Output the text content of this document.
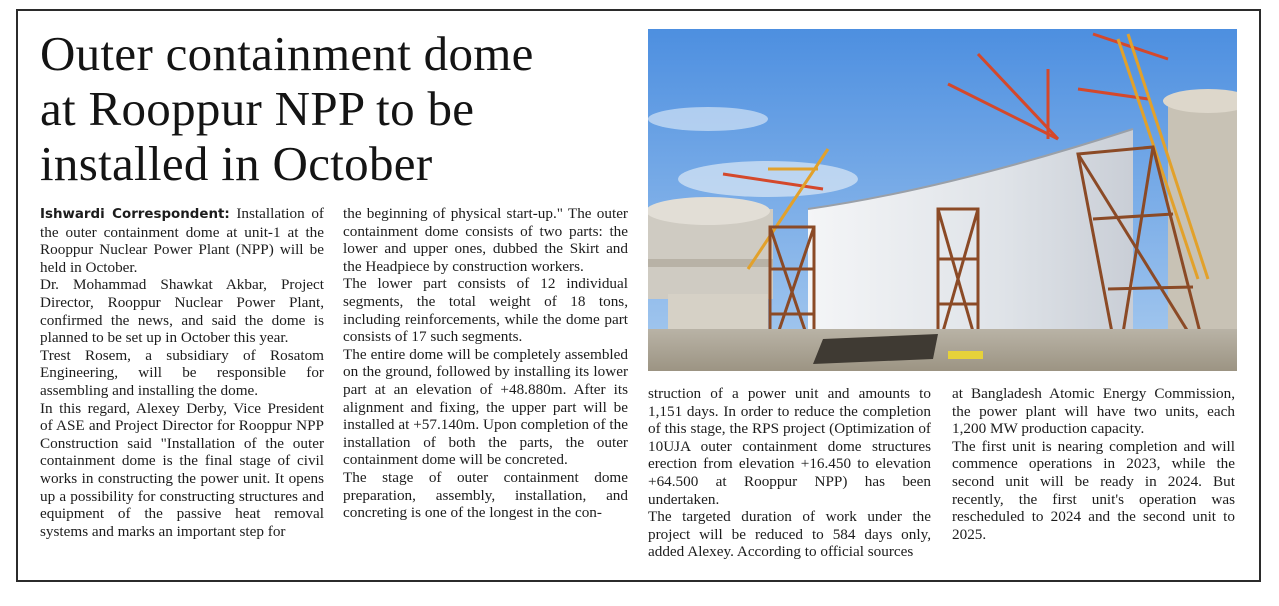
Outer containment dome
at Rooppur NPP to be
installed in October

Ishwardi Correspondent: Installation of the outer containment dome at unit-1 at the Rooppur Nuclear Power Plant (NPP) will be held in October.

Dr. Mohammad Shawkat Akbar, Project Director, Rooppur Nuclear Power Plant, confirmed the news, and said the dome is planned to be set up in October this year.

Trest Rosem, a subsidiary of Rosatom Engineering, will be responsible for assembling and installing the dome.

In this regard, Alexey Derby, Vice President of ASE and Project Director for Rooppur NPP Construction said "Installation of the outer containment dome is the final stage of civil works in constructing the power unit. It opens up a possibility for constructing structures and equipment of the passive heat removal systems and marks an important step for

the beginning of physical start-up." The outer containment dome consists of two parts: the lower and upper ones, dubbed the Skirt and the Headpiece by construction workers.

The lower part consists of 12 individual segments, the total weight of 18 tons, including reinforcements, while the dome part consists of 17 such segments.

The entire dome will be completely assembled on the ground, followed by installing its lower part at an elevation of +48.880m. After its alignment and fixing, the upper part will be installed at +57.140m. Upon completion of the installation of both the parts, the outer containment dome will be concreted.

The stage of outer containment dome preparation, assembly, installation, and concreting is one of the longest in the con-

struction of a power unit and amounts to 1,151 days. In order to reduce the completion of this stage, the RPS project (Optimization of 10UJA outer containment dome structures erection from elevation +16.450 to elevation +64.500 at Rooppur NPP) has been undertaken.

The targeted duration of work under the project will be reduced to 584 days only, added Alexey. According to official sources

at Bangladesh Atomic Energy Commission, the power plant will have two units, each 1,200 MW production capacity.

The first unit is nearing completion and will commence operations in 2023, while the second unit will be ready in 2024. But recently, the first unit's operation was rescheduled to 2024 and the second unit to 2025.
